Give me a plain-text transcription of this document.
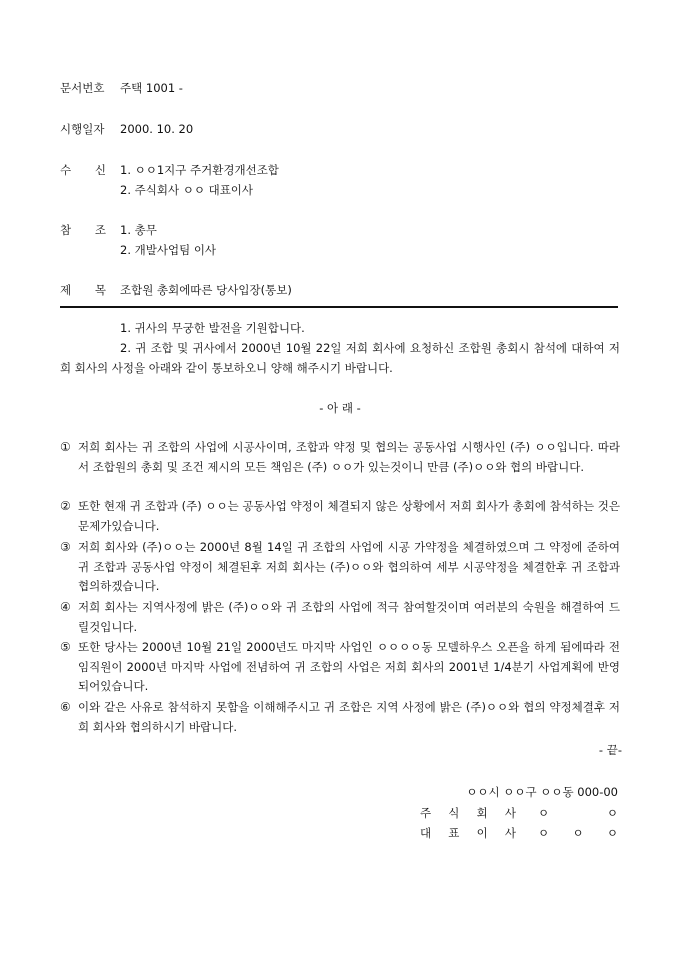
문서번호	주택 1001 -
시행일자	2000. 10. 20
수 신 1. ㅇㅇ1지구 주거환경개선조합
2. 주식회사 ㅇㅇ 대표이사
참 조 1. 총무
2. 개발사업팀 이사
제 목 조합원 총회에따른 당사입장(통보)
1. 귀사의 무궁한 발전을 기원합니다.
2. 귀 조합 및 귀사에서 2000년 10월 22일 저희 회사에 요청하신 조합원 총회시 참석에 대하여 저희 회사의 사정을 아래와 같이 통보하오니 양해 해주시기 바랍니다.
- 아 래 -
① 저희 회사는 귀 조합의 사업에 시공사이며, 조합과 약정 및 협의는 공동사업 시행사인 (주) ㅇㅇ입니다. 따라서 조합원의 총회 및 조건 제시의 모든 책임은 (주) ㅇㅇ가 있는것이니 만큼 (주)ㅇㅇ와 협의 바랍니다.
② 또한 현재 귀 조합과 (주) ㅇㅇ는 공동사업 약정이 체결되지 않은 상황에서 저희 회사가 총회에 참석하는 것은 문제가있습니다.
③ 저희 회사와 (주)ㅇㅇ는 2000년 8월 14일 귀 조합의 사업에 시공 가약정을 체결하였으며 그 약정에 준하여 귀 조합과 공동사업 약정이 체결된후 저희 회사는 (주)ㅇㅇ와 협의하여 세부 시공약정을 체결한후 귀 조합과 협의하겠습니다.
④ 저희 회사는 지역사정에 밝은 (주)ㅇㅇ와 귀 조합의 사업에 적극 참여할것이며 여러분의 숙원을 해결하여 드릴것입니다.
⑤ 또한 당사는 2000년 10월 21일 2000년도 마지막 사업인 ㅇㅇㅇㅇ동 모델하우스 오픈을 하게 됨에따라 전 임직원이 2000년 마지막 사업에 전념하여 귀 조합의 사업은 저희 회사의 2001년 1/4분기 사업계획에 반영되어있습니다.
⑥ 이와 같은 사유로 참석하지 못함을 이해해주시고 귀 조합은 지역 사정에 밝은 (주)ㅇㅇ와 협의 약정체결후 저희 회사와 협의하시기 바랍니다.
- 끝-
ㅇㅇ시 ㅇㅇ구 ㅇㅇ동 000-00
주 식 회 사 ㅇ	ㅇ
대 표 이 사 ㅇ ㅇ ㅇ
